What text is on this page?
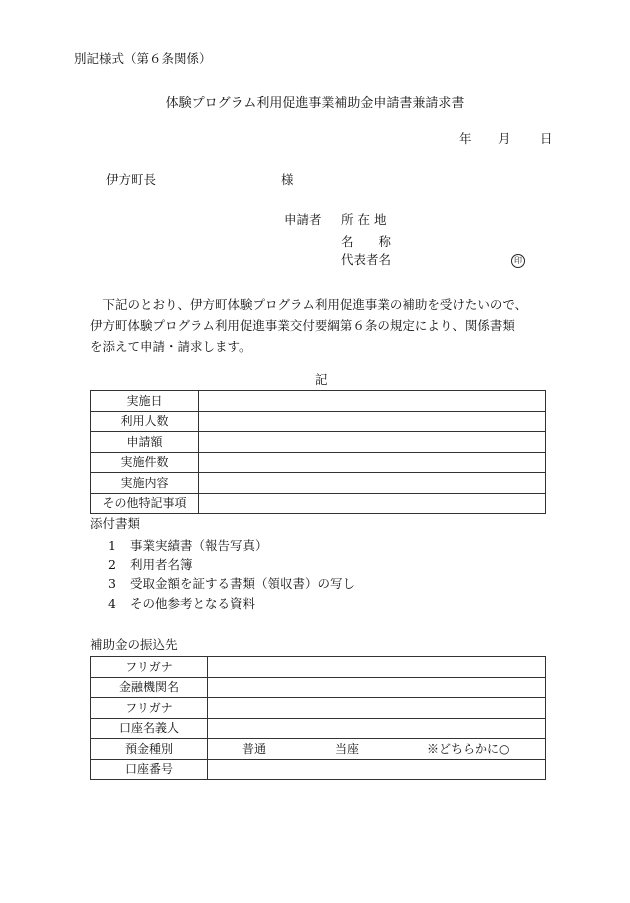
別記様式（第６条関係）
体験プログラム利用促進事業補助金申請書兼請求書
年 月 日
伊方町長	様
申請者 所 在 地
名　　称
代表者名	印
　下記のとおり、伊方町体験プログラム利用促進事業の補助を受けたいので、
伊方町体験プログラム利用促進事業交付要綱第６条の規定により、関係書類
を添えて申請・請求します。
記
実施日	
利用人数	
申請額	
実施件数	
実施内容	
その他特記事項	
添付書類
1 事業実績書（報告写真）
2 利用者名簿
3 受取金額を証する書類（領収書）の写し
4 その他参考となる資料
補助金の振込先
フリガナ	
金融機関名	
フリガナ	
口座名義人	
預金種別	普通 当座 ※どちらかに○

口座番号	
